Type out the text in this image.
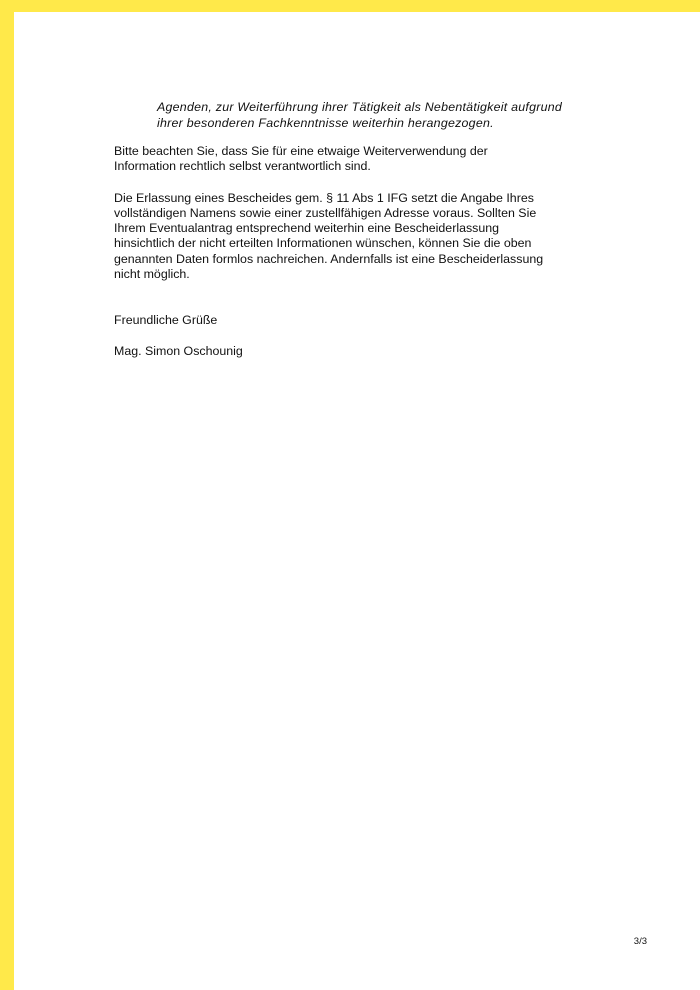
Agenden, zur Weiterführung ihrer Tätigkeit als Nebentätigkeit aufgrund
ihrer besonderen Fachkenntnisse weiterhin herangezogen.

Bitte beachten Sie, dass Sie für eine etwaige Weiterverwendung der
Information rechtlich selbst verantwortlich sind.

Die Erlassung eines Bescheides gem. § 11 Abs 1 IFG setzt die Angabe Ihres
vollständigen Namens sowie einer zustellfähigen Adresse voraus. Sollten Sie
Ihrem Eventualantrag entsprechend weiterhin eine Bescheiderlassung
hinsichtlich der nicht erteilten Informationen wünschen, können Sie die oben
genannten Daten formlos nachreichen. Andernfalls ist eine Bescheiderlassung
nicht möglich.

Freundliche Grüße

Mag. Simon Oschounig

3/3
